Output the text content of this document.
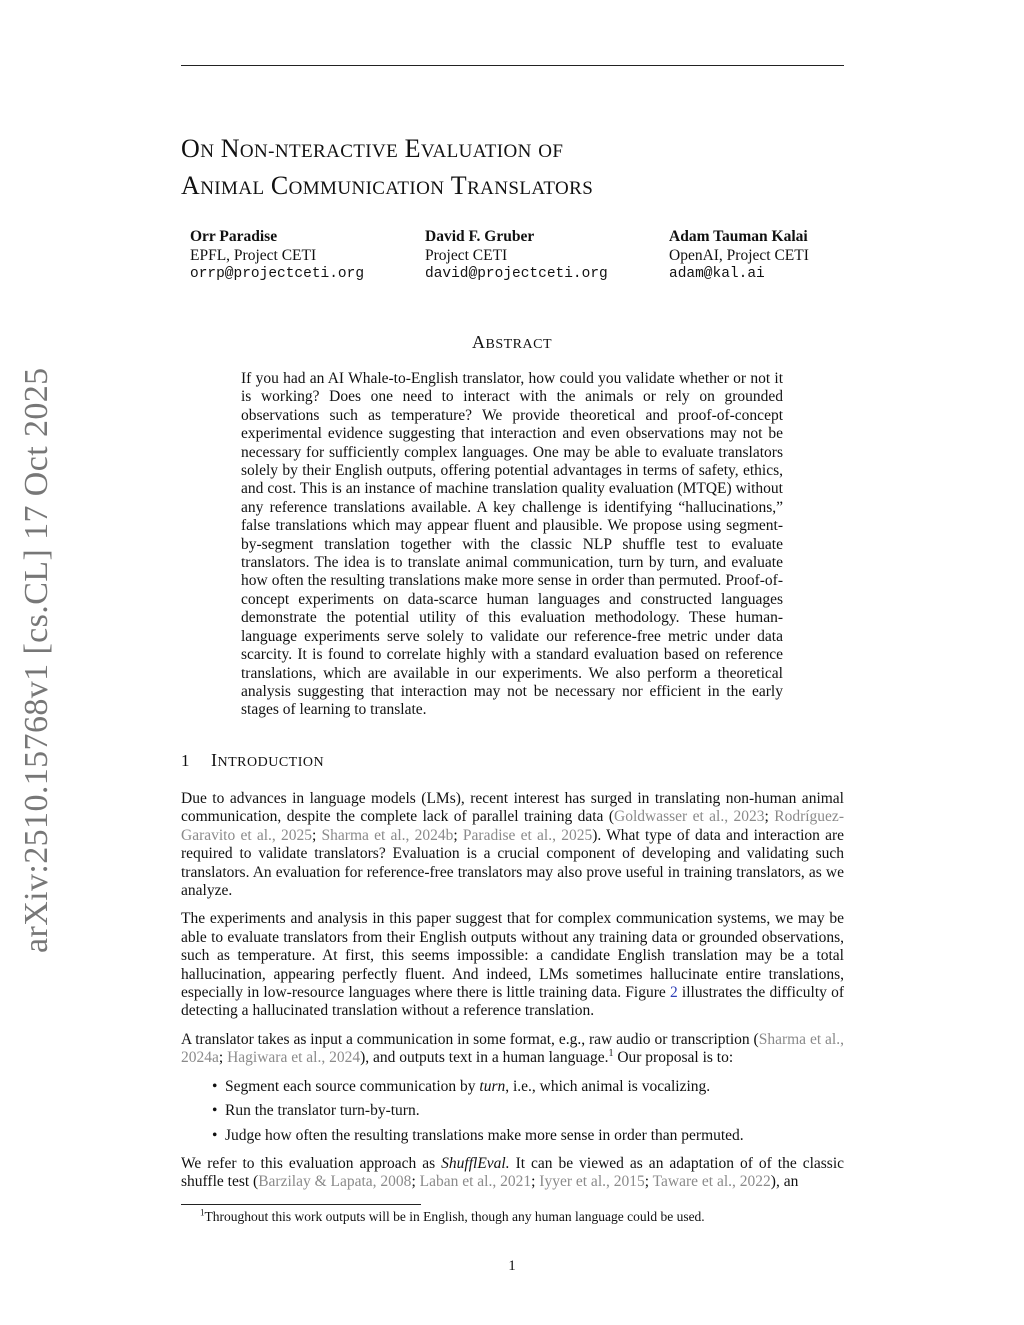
arXiv:2510.15768v1 [cs.CL] 17 Oct 2025
ON NON-NTERACTIVE EVALUATION OF
ANIMAL COMMUNICATION TRANSLATORS
Orr Paradise
EPFL, Project CETI
orrp@projectceti.org
David F. Gruber
Project CETI
david@projectceti.org
Adam Tauman Kalai
OpenAI, Project CETI
adam@kal.ai
ABSTRACT
If you had an AI Whale-to-English translator, how could you validate whether or not it is working? Does one need to interact with the animals or rely on grounded observations such as temperature? We provide theoretical and proof-of-concept experimental evidence suggesting that interaction and even observations may not be necessary for sufficiently complex languages. One may be able to evaluate translators solely by their English outputs, offering potential advantages in terms of safety, ethics, and cost. This is an instance of machine translation quality evaluation (MTQE) without any reference translations available. A key challenge is identifying “hallucinations,” false translations which may appear fluent and plausible. We propose using segment-by-segment translation together with the classic NLP shuffle test to evaluate translators. The idea is to translate animal communication, turn by turn, and evaluate how often the resulting translations make more sense in order than permuted. Proof-of-concept experiments on data-scarce human languages and constructed languages demonstrate the potential utility of this evaluation methodology. These human-language experiments serve solely to validate our reference-free metric under data scarcity. It is found to correlate highly with a standard evaluation based on reference translations, which are available in our experiments. We also perform a theoretical analysis suggesting that interaction may not be necessary nor efficient in the early stages of learning to translate.
1 INTRODUCTION

Due to advances in language models (LMs), recent interest has surged in translating non-human animal communication, despite the complete lack of parallel training data (Goldwasser et al., 2023; Rodríguez-Garavito et al., 2025; Sharma et al., 2024b; Paradise et al., 2025). What type of data and interaction are required to validate translators? Evaluation is a crucial component of developing and validating such translators. An evaluation for reference-free translators may also prove useful in training translators, as we analyze.

The experiments and analysis in this paper suggest that for complex communication systems, we may be able to evaluate translators from their English outputs without any training data or grounded observations, such as temperature. At first, this seems impossible: a candidate English translation may be a total hallucination, appearing perfectly fluent. And indeed, LMs sometimes hallucinate entire translations, especially in low-resource languages where there is little training data. Figure 2 illustrates the difficulty of detecting a hallucinated translation without a reference translation.

A translator takes as input a communication in some format, e.g., raw audio or transcription (Sharma et al., 2024a; Hagiwara et al., 2024), and outputs text in a human language.$^1$ Our proposal is to:

• Segment each source communication by turn, i.e., which animal is vocalizing.
• Run the translator turn-by-turn.
• Judge how often the resulting translations make more sense in order than permuted.

We refer to this evaluation approach as ShufflEval. It can be viewed as an adaptation of of the classic shuffle test (Barzilay & Lapata, 2008; Laban et al., 2021; Iyyer et al., 2015; Taware et al., 2022), an

$^1$Throughout this work outputs will be in English, though any human language could be used.
1
